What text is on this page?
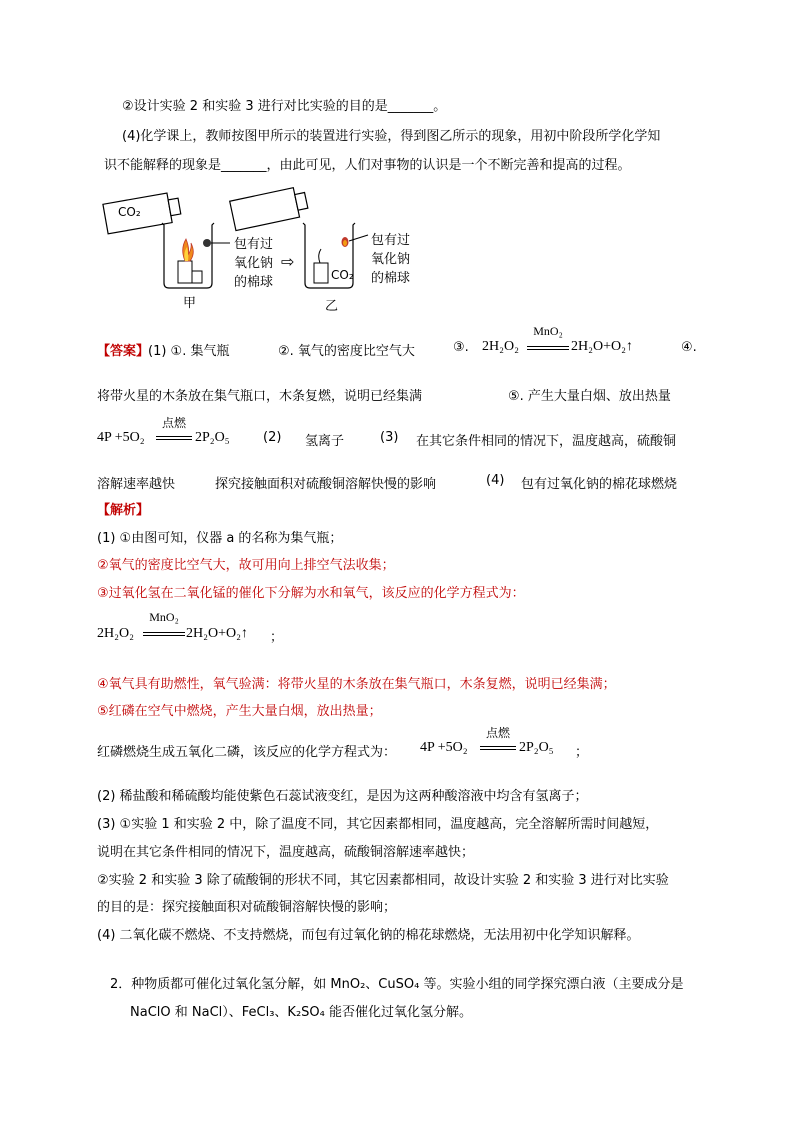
②设计实验 2 和实验 3 进行对比实验的目的是_______。
(4)化学课上，教师按图甲所示的装置进行实验，得到图乙所示的现象，用初中阶段所学化学知
识不能解释的现象是_______，由此可见，人们对事物的认识是一个不断完善和提高的过程。
⇨
CO₂
CO₂
包有过
氧化钠
的棉球
包有过
氧化钠
的棉球
甲	乙
【答案】
(1) ①. 集气瓶	②. 氧气的密度比空气大	③. 2H₂O₂
MnO₂
2H₂O+O₂↑	④.
将带火星的木条放在集气瓶口，木条复燃，说明已经集满	⑤. 产生大量白烟、放出热量
4P +5O₂
点燃
2P₂O₅	(2) 氢离子	(3) 在其它条件相同的情况下，温度越高，硫酸铜
溶解速率越快	探究接触面积对硫酸铜溶解快慢的影响	(4) 包有过氧化钠的棉花球燃烧
【解析】
(1) ①由图可知，仪器 a 的名称为集气瓶；
②氧气的密度比空气大，故可用向上排空气法收集；
③过氧化氢在二氧化锰的催化下分解为水和氧气，该反应的化学方程式为：
2H₂O₂
MnO₂
2H₂O+O₂↑ ；
④氧气具有助燃性，氧气验满：将带火星的木条放在集气瓶口，木条复燃，说明已经集满；
⑤红磷在空气中燃烧，产生大量白烟，放出热量；
红磷燃烧生成五氧化二磷，该反应的化学方程式为： 4P +5O₂
点燃
2P₂O₅ ；
(2) 稀盐酸和稀硫酸均能使紫色石蕊试液变红，是因为这两种酸溶液中均含有氢离子；
(3) ①实验 1 和实验 2 中，除了温度不同，其它因素都相同，温度越高，完全溶解所需时间越短，
说明在其它条件相同的情况下，温度越高，硫酸铜溶解速率越快；
②实验 2 和实验 3 除了硫酸铜的形状不同，其它因素都相同，故设计实验 2 和实验 3 进行对比实验
的目的是：探究接触面积对硫酸铜溶解快慢的影响；
(4) 二氧化碳不燃烧、不支持燃烧，而包有过氧化钠的棉花球燃烧，无法用初中化学知识解释。
2．种物质都可催化过氧化氢分解，如 MnO₂、CuSO₄ 等。实验小组的同学探究漂白液（主要成分是
NaClO 和 NaCl）、FeCl₃、K₂SO₄ 能否催化过氧化氢分解。
